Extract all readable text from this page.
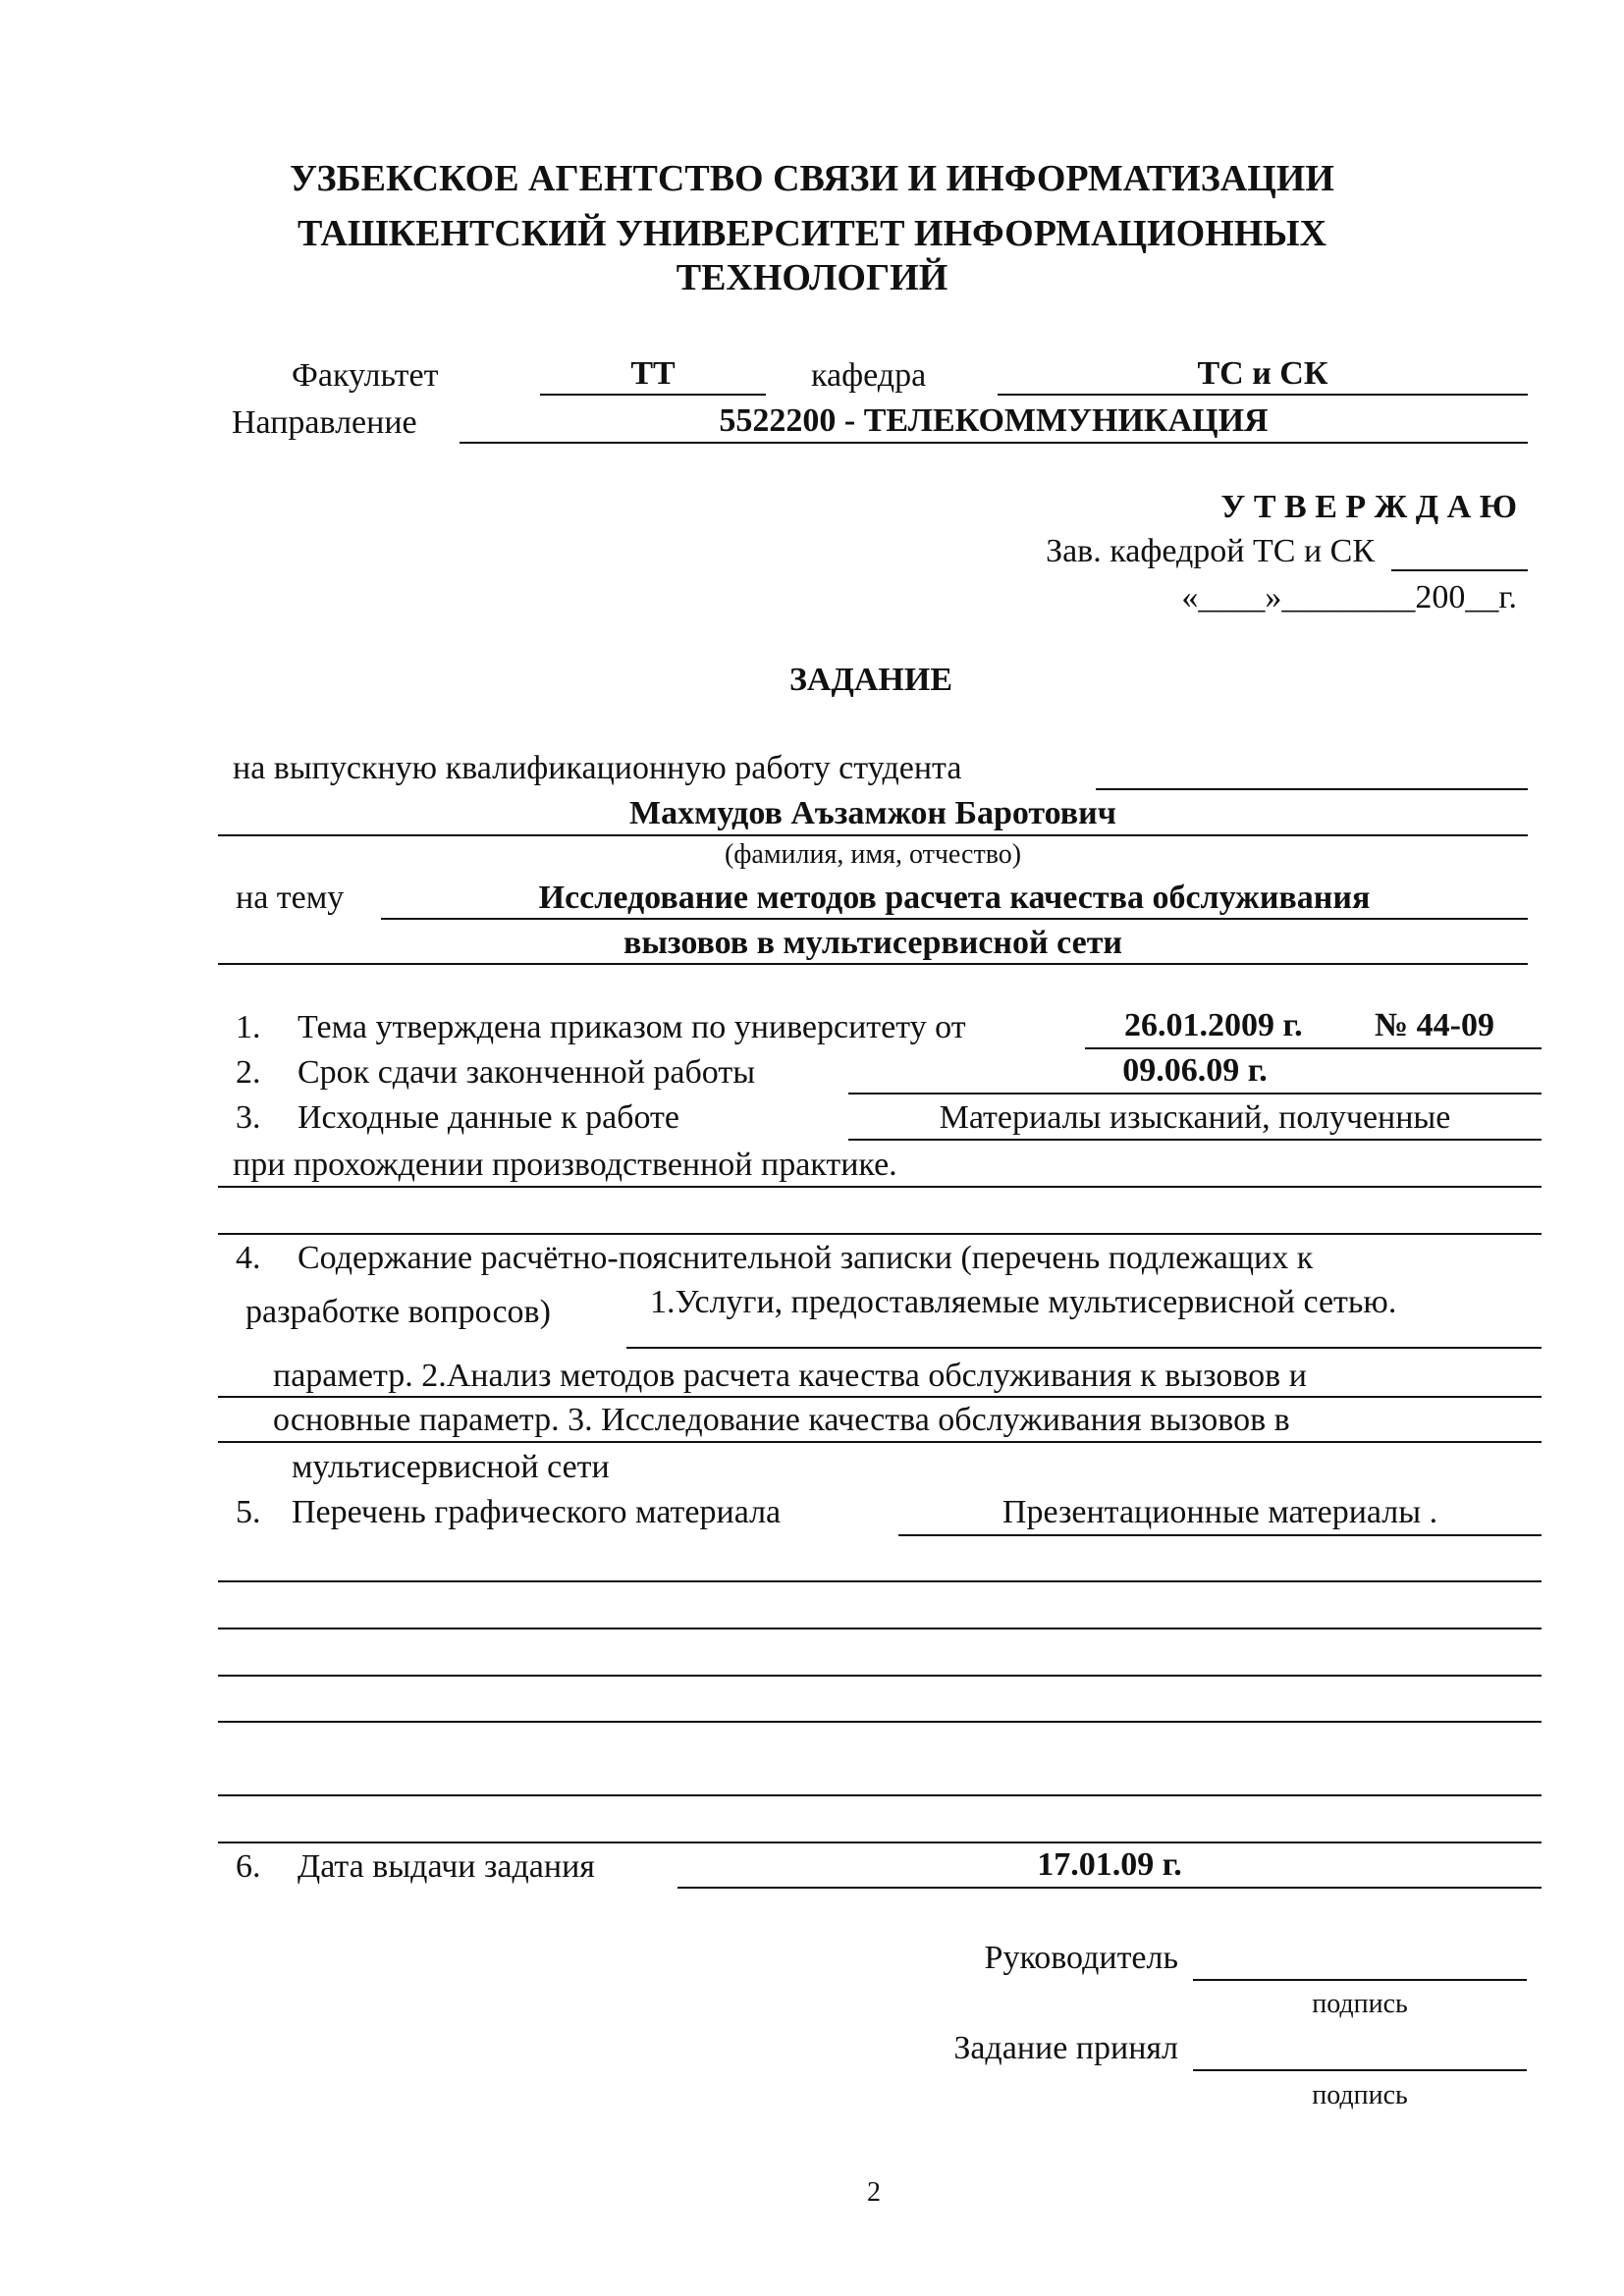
УЗБЕКСКОЕ АГЕНТСТВО СВЯЗИ И ИНФОРМАТИЗАЦИИ
ТАШКЕНТСКИЙ УНИВЕРСИТЕТ ИНФОРМАЦИОННЫХ
ТЕХНОЛОГИЙ
Факультет	ТТ	кафедра	ТС и СК
Направление	5522200 - ТЕЛЕКОММУНИКАЦИЯ
У Т В Е Р Ж Д А Ю
Зав. кафедрой ТС и СК
«____»________200__г.
ЗАДАНИЕ
на выпускную квалификационную работу студента
Махмудов Аъзамжон Баротович
(фамилия, имя, отчество)
на тему	Исследование методов расчета качества обслуживания
вызовов в мультисервисной сети
1. Тема утверждена приказом по университету от	26.01.2009 г. № 44-09
2. Срок сдачи законченной работы	09.06.09 г.
3. Исходные данные к работе	Материалы изысканий, полученные
при прохождении производственной практике.
4. Содержание расчётно-пояснительной записки (перечень подлежащих к
разработке вопросов)	1.Услуги, предоставляемые мультисервисной сетью.
параметр. 2.Анализ методов расчета качества обслуживания к вызовов и
основные параметр. 3. Исследование качества обслуживания вызовов в
мультисервисной сети
5. Перечень графического материала	Презентационные материалы .
6. Дата выдачи задания	17.01.09 г.
Руководитель
подпись
Задание принял
подпись
2
